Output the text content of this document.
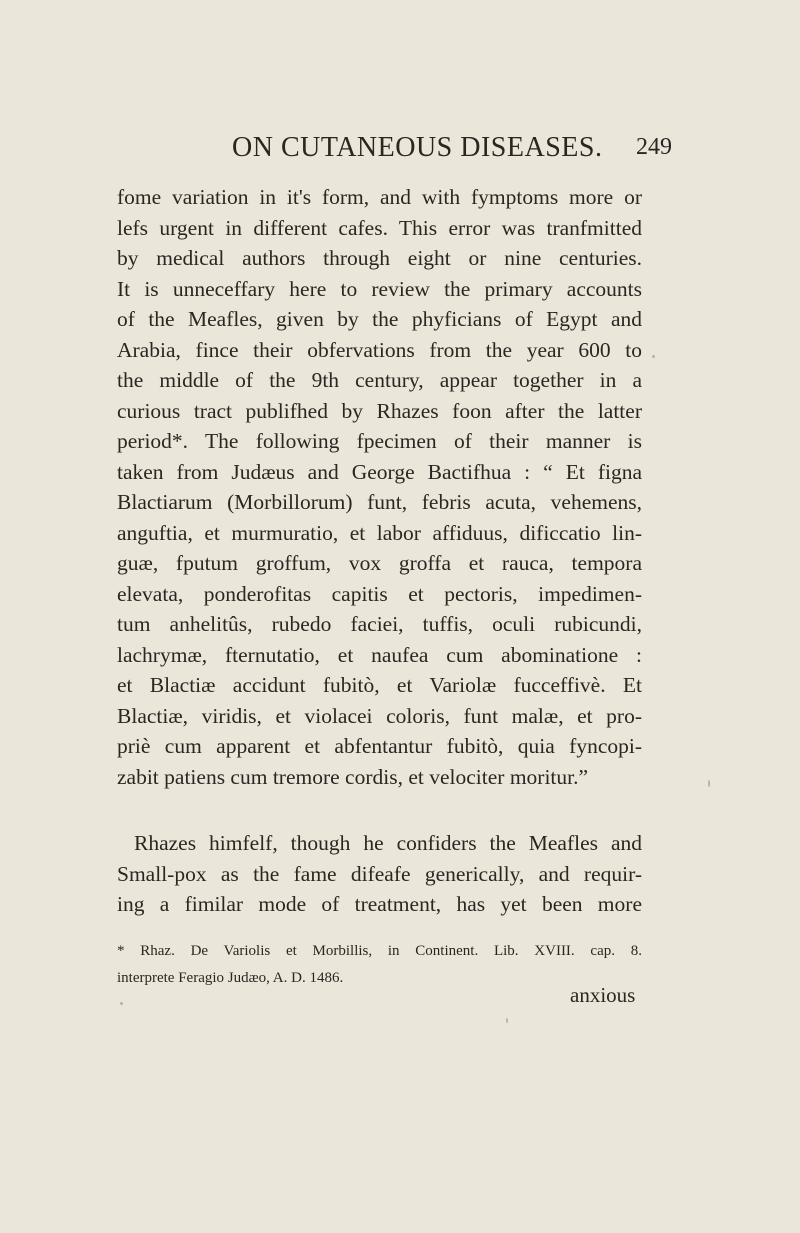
ON CUTANEOUS DISEASES. 249
fome variation in it's form, and with fymptoms more or
lefs urgent in different cafes. This error was tranfmitted
by medical authors through eight or nine centuries.
It is unneceffary here to review the primary accounts
of the Meafles, given by the phyficians of Egypt and
Arabia, fince their obfervations from the year 600 to
the middle of the 9th century, appear together in a
curious tract publifhed by Rhazes foon after the latter
period*. The following fpecimen of their manner is
taken from Judæus and George Bactifhua : “ Et figna
Blactiarum (Morbillorum) funt, febris acuta, vehemens,
anguftia, et murmuratio, et labor affiduus, dificcatio lin-
guæ, fputum groffum, vox groffa et rauca, tempora
elevata, ponderofitas capitis et pectoris, impedimen-
tum anhelitûs, rubedo faciei, tuffis, oculi rubicundi,
lachrymæ, fternutatio, et naufea cum abominatione :
et Blactiæ accidunt fubitò, et Variolæ fucceffivè. Et
Blactiæ, viridis, et violacei coloris, funt malæ, et pro-
priè cum apparent et abfentantur fubitò, quia fyncopi-
zabit patiens cum tremore cordis, et velociter moritur.”
Rhazes himfelf, though he confiders the Meafles and
Small-pox as the fame difeafe generically, and requir-
ing a fimilar mode of treatment, has yet been more
* Rhaz. De Variolis et Morbillis, in Continent. Lib. XVIII. cap. 8.
interprete Feragio Judæo, A. D. 1486.
anxious
